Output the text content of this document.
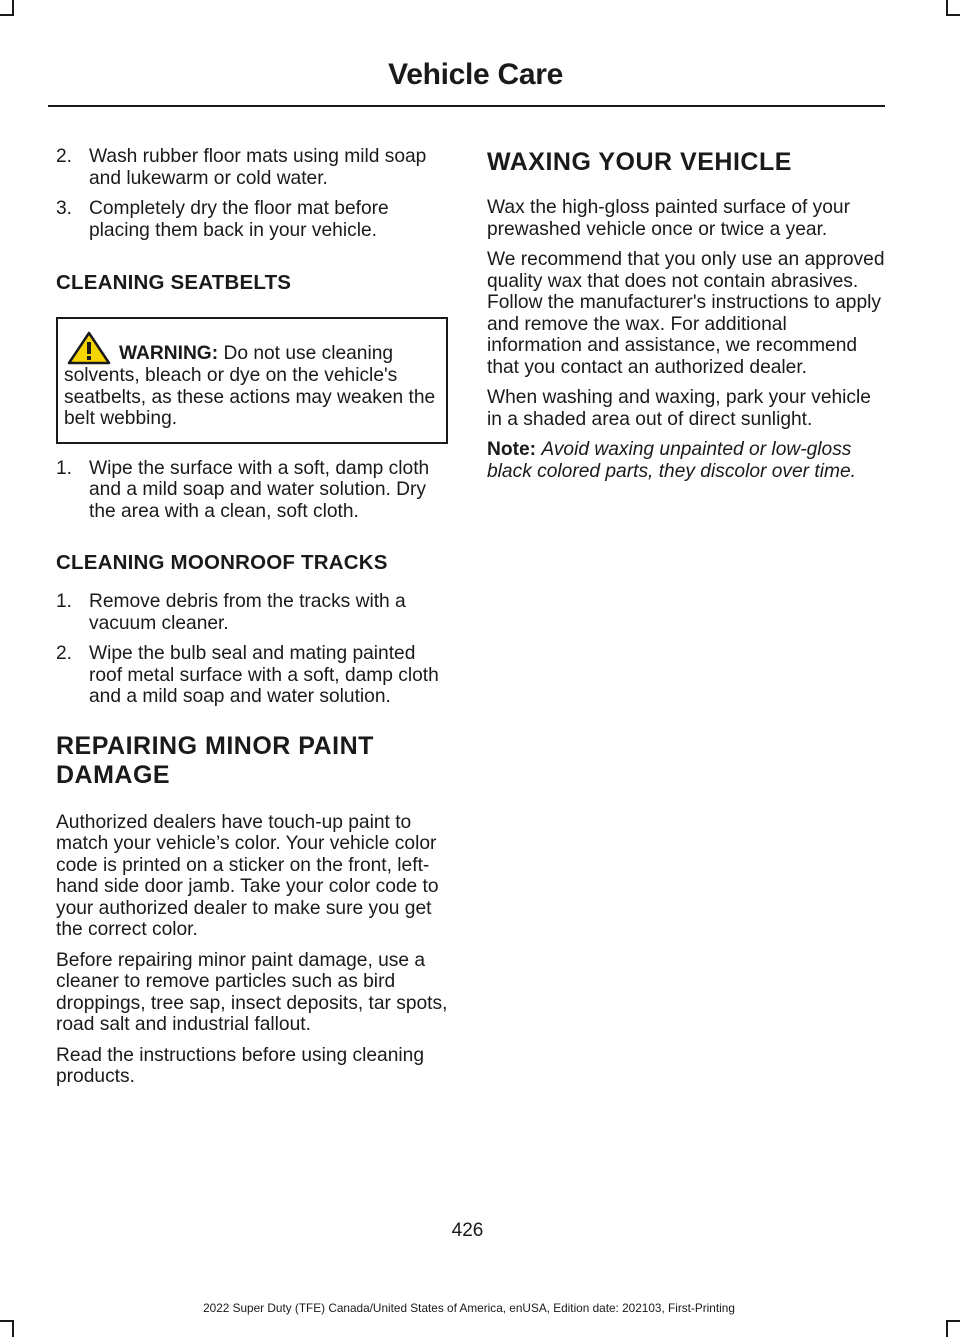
Vehicle Care
2. Wash rubber floor mats using mild soap and lukewarm or cold water.
3. Completely dry the floor mat before placing them back in your vehicle.
CLEANING SEATBELTS

WARNING: Do not use cleaning solvents, bleach or dye on the vehicle's seatbelts, as these actions may weaken the belt webbing.

1. Wipe the surface with a soft, damp cloth and a mild soap and water solution. Dry the area with a clean, soft cloth.
CLEANING MOONROOF TRACKS
1. Remove debris from the tracks with a vacuum cleaner.
2. Wipe the bulb seal and mating painted roof metal surface with a soft, damp cloth and a mild soap and water solution.
REPAIRING MINOR PAINT
DAMAGE

Authorized dealers have touch-up paint to match your vehicle’s color. Your vehicle color code is printed on a sticker on the front, left-hand side door jamb. Take your color code to your authorized dealer to make sure you get the correct color.

Before repairing minor paint damage, use a cleaner to remove particles such as bird droppings, tree sap, insect deposits, tar spots, road salt and industrial fallout.

Read the instructions before using cleaning products.

WAXING YOUR VEHICLE

Wax the high-gloss painted surface of your prewashed vehicle once or twice a year.

We recommend that you only use an approved quality wax that does not contain abrasives. Follow the manufacturer's instructions to apply and remove the wax. For additional information and assistance, we recommend that you contact an authorized dealer.

When washing and waxing, park your vehicle in a shaded area out of direct sunlight.

Note: Avoid waxing unpainted or low-gloss black colored parts, they discolor over time.

426
2022 Super Duty (TFE) Canada/United States of America, enUSA, Edition date: 202103, First-Printing
